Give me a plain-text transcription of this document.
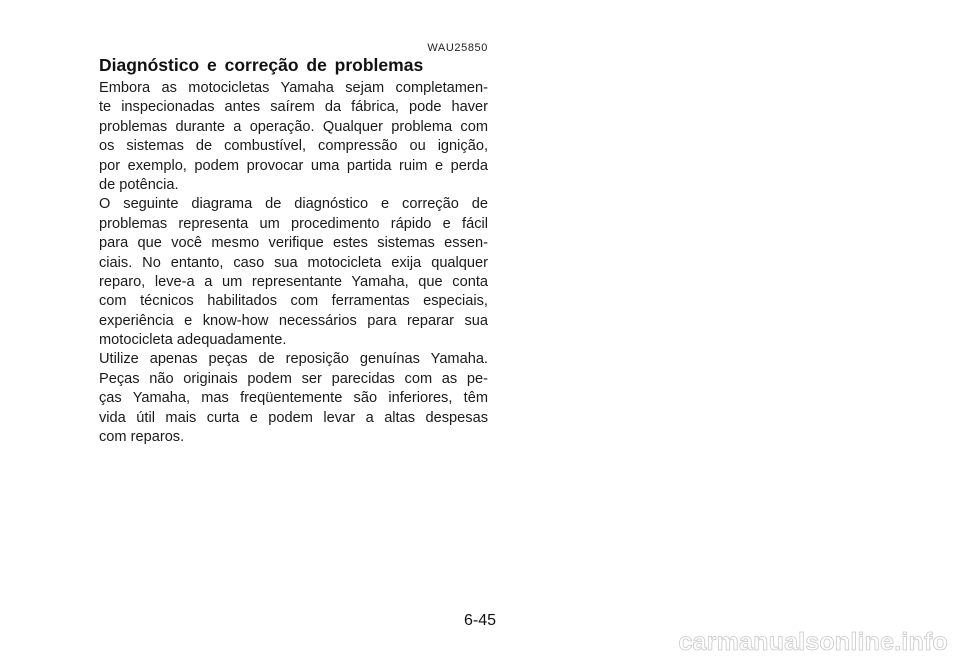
WAU25850
Diagnóstico e correção de problemas
Embora as motocicletas Yamaha sejam completamen-
te inspecionadas antes saírem da fábrica, pode haver
problemas durante a operação. Qualquer problema com
os sistemas de combustível, compressão ou ignição,
por exemplo, podem provocar uma partida ruim e perda
de potência.
O seguinte diagrama de diagnóstico e correção de
problemas representa um procedimento rápido e fácil
para que você mesmo verifique estes sistemas essen-
ciais. No entanto, caso sua motocicleta exija qualquer
reparo, leve-a a um representante Yamaha, que conta
com técnicos habilitados com ferramentas especiais,
experiência e know-how necessários para reparar sua
motocicleta adequadamente.
Utilize apenas peças de reposição genuínas Yamaha.
Peças não originais podem ser parecidas com as pe-
ças Yamaha, mas freqüentemente são inferiores, têm
vida útil mais curta e podem levar a altas despesas
com reparos.
6-45
carmanualsonline.info
